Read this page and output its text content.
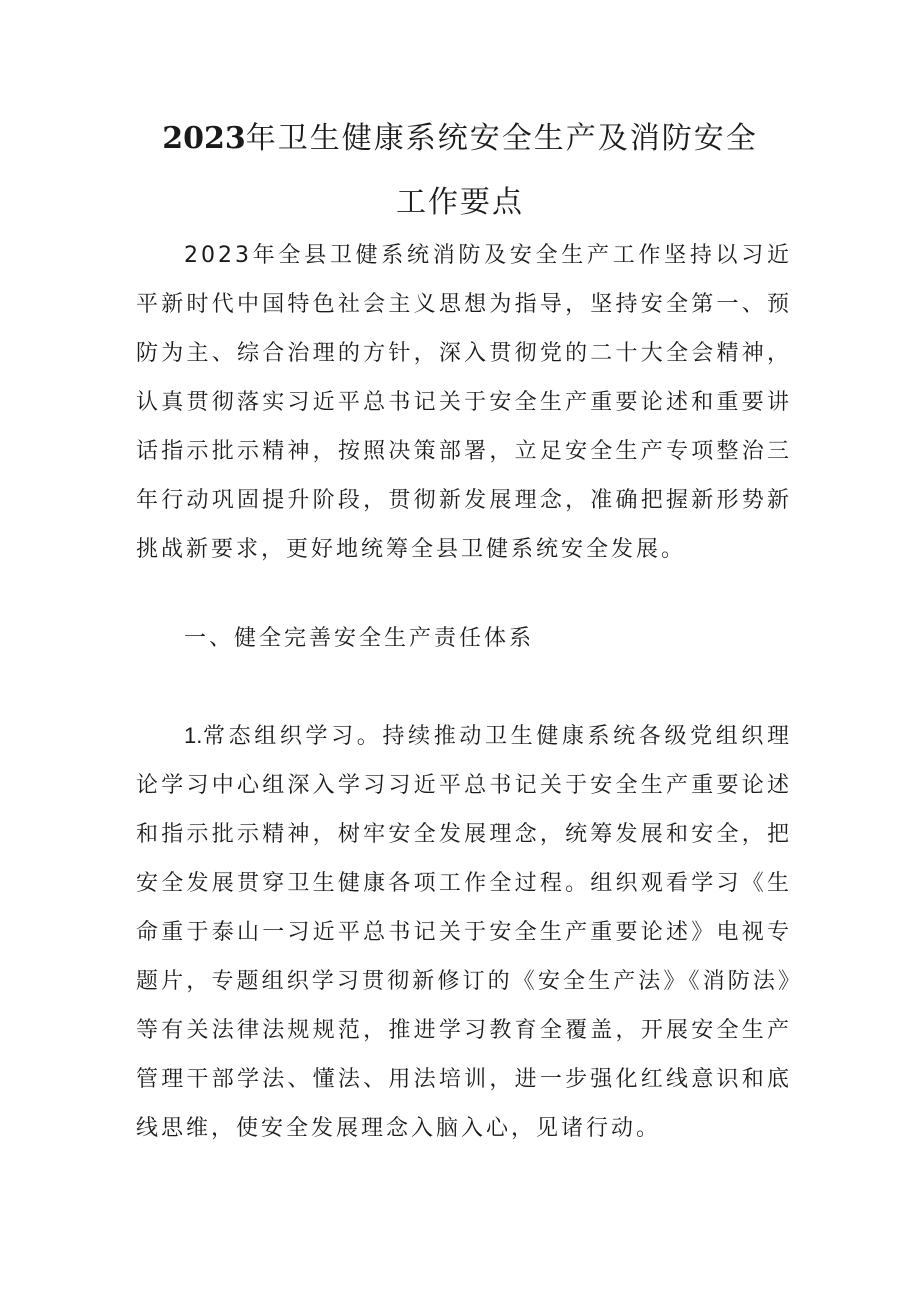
2023年卫生健康系统安全生产及消防安全
工作要点

2023年全县卫健系统消防及安全生产工作坚持以习近平新时代中国特色社会主义思想为指导，坚持安全第一、预防为主、综合治理的方针，深入贯彻党的二十大全会精神，认真贯彻落实习近平总书记关于安全生产重要论述和重要讲话指示批示精神，按照决策部署，立足安全生产专项整治三年行动巩固提升阶段，贯彻新发展理念，准确把握新形势新挑战新要求，更好地统筹全县卫健系统安全发展。

一、健全完善安全生产责任体系

1.常态组织学习。持续推动卫生健康系统各级党组织理论学习中心组深入学习习近平总书记关于安全生产重要论述和指示批示精神，树牢安全发展理念，统筹发展和安全，把安全发展贯穿卫生健康各项工作全过程。组织观看学习《生命重于泰山一习近平总书记关于安全生产重要论述》电视专题片，专题组织学习贯彻新修订的《安全生产法》《消防法》等有关法律法规规范，推进学习教育全覆盖，开展安全生产管理干部学法、懂法、用法培训，进一步强化红线意识和底线思维，使安全发展理念入脑入心，见诸行动。
